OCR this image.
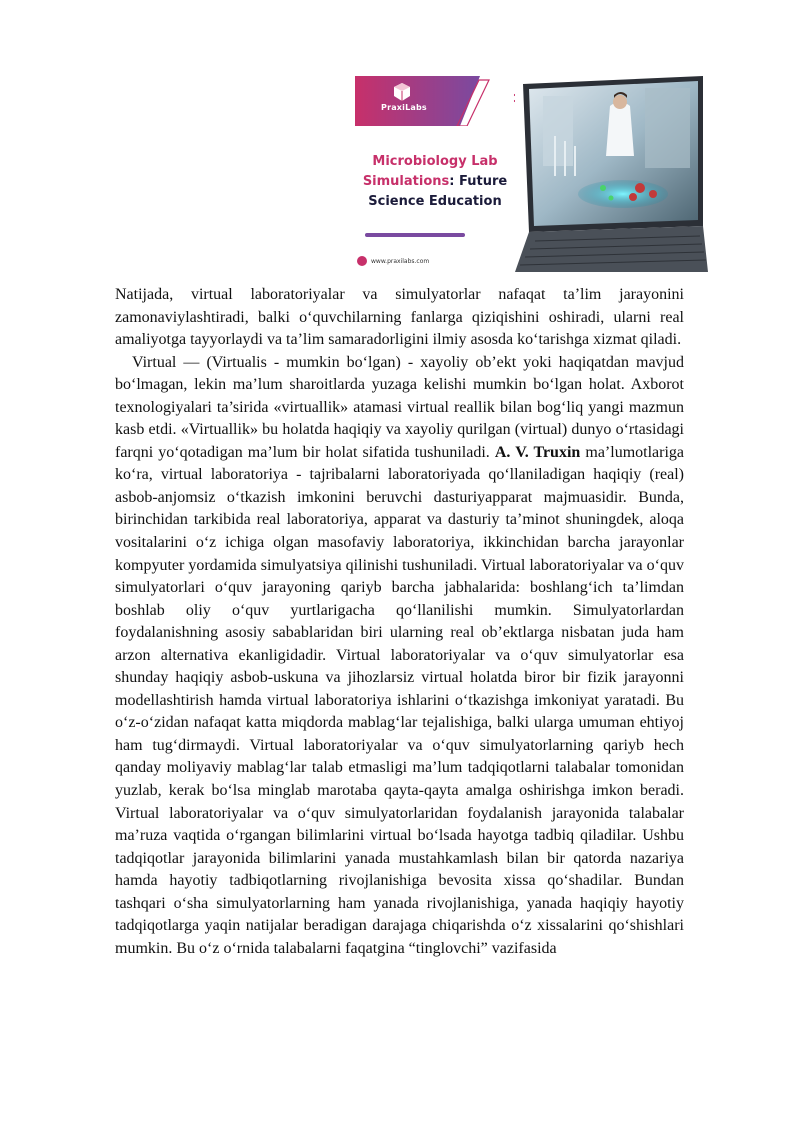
PraxiLabs
Microbiology Lab
Simulations: Future
Science Education
www.praxilabs.com

Natijada, virtual laboratoriyalar va simulyatorlar nafaqat ta’lim jarayonini zamonaviylashtiradi, balki o‘quvchilarning fanlarga qiziqishini oshiradi, ularni real amaliyotga tayyorlaydi va ta’lim samaradorligini ilmiy asosda ko‘tarishga xizmat qiladi.

Virtual — (Virtualis - mumkin bo‘lgan) - xayoliy ob’ekt yoki haqiqatdan mavjud bo‘lmagan, lekin ma’lum sharoitlarda yuzaga kelishi mumkin bo‘lgan holat. Axborot texnologiyalari ta’sirida «virtuallik» atamasi virtual reallik bilan bog‘liq yangi mazmun kasb etdi. «Virtuallik» bu holatda haqiqiy va xayoliy qurilgan (virtual) dunyo o‘rtasidagi farqni yo‘qotadigan ma’lum bir holat sifatida tushuniladi. A. V. Truxin ma’lumotlariga ko‘ra, virtual laboratoriya - tajribalarni laboratoriyada qo‘llaniladigan haqiqiy (real) asbob-anjomsiz o‘tkazish imkonini beruvchi dasturiyapparat majmuasidir. Bunda, birinchidan tarkibida real laboratoriya, apparat va dasturiy ta’minot shuningdek, aloqa vositalarini o‘z ichiga olgan masofaviy laboratoriya, ikkinchidan barcha jarayonlar kompyuter yordamida simulyatsiya qilinishi tushuniladi. Virtual laboratoriyalar va o‘quv simulyatorlari o‘quv jarayoning qariyb barcha jabhalarida: boshlang‘ich ta’limdan boshlab oliy o‘quv yurtlarigacha qo‘llanilishi mumkin. Simulyatorlardan foydalanishning asosiy sabablaridan biri ularning real ob’ektlarga nisbatan juda ham arzon alternativa ekanligidadir. Virtual laboratoriyalar va o‘quv simulyatorlar esa shunday haqiqiy asbob-uskuna va jihozlarsiz virtual holatda biror bir fizik jarayonni modellashtirish hamda virtual laboratoriya ishlarini o‘tkazishga imkoniyat yaratadi. Bu o‘z-o‘zidan nafaqat katta miqdorda mablag‘lar tejalishiga, balki ularga umuman ehtiyoj ham tug‘dirmaydi. Virtual laboratoriyalar va o‘quv simulyatorlarning qariyb hech qanday moliyaviy mablag‘lar talab etmasligi ma’lum tadqiqotlarni talabalar tomonidan yuzlab, kerak bo‘lsa minglab marotaba qayta-qayta amalga oshirishga imkon beradi. Virtual laboratoriyalar va o‘quv simulyatorlaridan foydalanish jarayonida talabalar ma’ruza vaqtida o‘rgangan bilimlarini virtual bo‘lsada hayotga tadbiq qiladilar. Ushbu tadqiqotlar jarayonida bilimlarini yanada mustahkamlash bilan bir qatorda nazariya hamda hayotiy tadbiqotlarning rivojlanishiga bevosita xissa qo‘shadilar. Bundan tashqari o‘sha simulyatorlarning ham yanada rivojlanishiga, yanada haqiqiy hayotiy tadqiqotlarga yaqin natijalar beradigan darajaga chiqarishda o‘z xissalarini qo‘shishlari mumkin. Bu o‘z o‘rnida talabalarni faqatgina “tinglovchi” vazifasida
